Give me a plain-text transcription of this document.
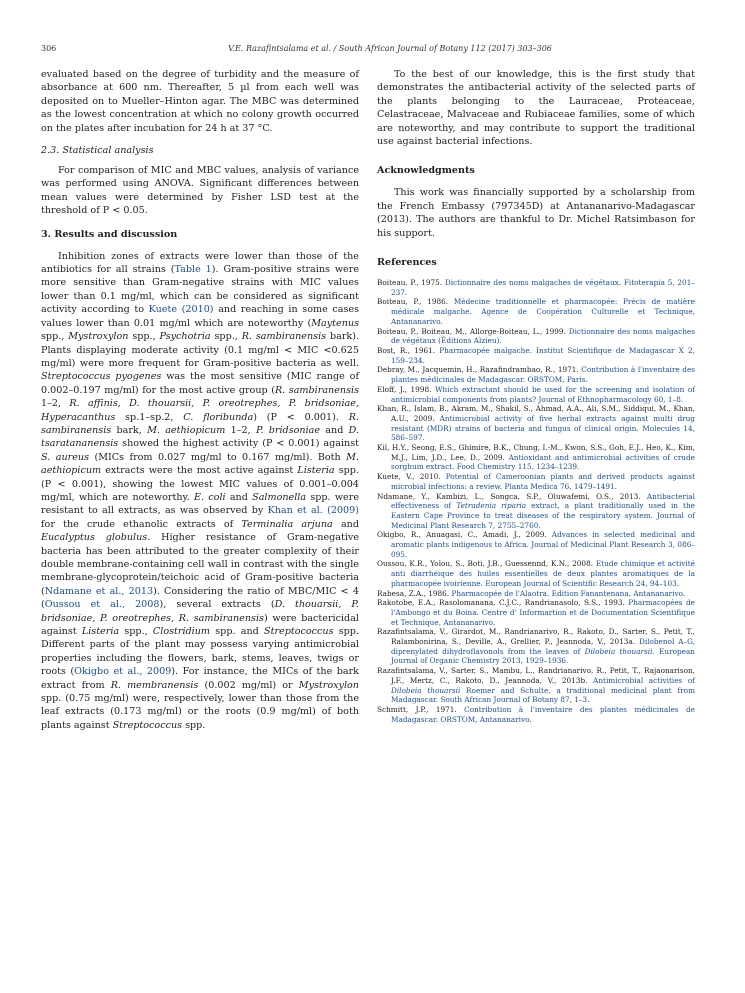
306	V.E. Razafintsalama et al. / South African Journal of Botany 112 (2017) 303–306

evaluated based on the degree of turbidity and the measure of absorbance at 600 nm. Thereafter, 5 µl from each well was deposited on to Mueller–Hinton agar. The MBC was determined as the lowest concentration at which no colony growth occurred on the plates after incubation for 24 h at 37 °C.

2.3. Statistical analysis

For comparison of MIC and MBC values, analysis of variance was performed using ANOVA. Significant differences between mean values were determined by Fisher LSD test at the threshold of P < 0.05.

3. Results and discussion

Inhibition zones of extracts were lower than those of the antibiotics for all strains (Table 1). Gram-positive strains were more sensitive than Gram-negative strains with MIC values lower than 0.1 mg/ml, which can be considered as significant activity according to Kuete (2010) and reaching in some cases values lower than 0.01 mg/ml which are noteworthy (Maytenus spp., Mystroxylon spp., Psychotria spp., R. sambiranensis bark). Plants displaying moderate activity (0.1 mg/ml < MIC <0.625 mg/ml) were more frequent for Gram-positive bacteria as well. Streptococcus pyogenes was the most sensitive (MIC range of 0.002–0.197 mg/ml) for the most active group (R. sambiranensis 1–2, R. affinis, D. thouarsii, P. oreotrephes, P. bridsoniae, Hyperacanthus sp.1–sp.2, C. floribunda) (P < 0.001). R. sambiranensis bark, M. aethiopicum 1–2, P. bridsoniae and D. tsaratananensis showed the highest activity (P < 0.001) against S. aureus (MICs from 0.027 mg/ml to 0.167 mg/ml). Both M. aethiopicum extracts were the most active against Listeria spp. (P < 0.001), showing the lowest MIC values of 0.001–0.004 mg/ml, which are noteworthy. E. coli and Salmonella spp. were resistant to all extracts, as was observed by Khan et al. (2009) for the crude ethanolic extracts of Terminalia arjuna and Eucalyptus globulus. Higher resistance of Gram-negative bacteria has been attributed to the greater complexity of their double membrane-containing cell wall in contrast with the single membrane-glycoprotein/teichoic acid of Gram-positive bacteria (Ndamane et al., 2013). Considering the ratio of MBC/MIC < 4 (Oussou et al., 2008), several extracts (D. thouarsii, P. bridsoniae, P. oreotrephes, R. sambiranensis) were bactericidal against Listeria spp., Clostridium spp. and Streptococcus spp. Different parts of the plant may possess varying antimicrobial properties including the flowers, bark, stems, leaves, twigs or roots (Okigbo et al., 2009). For instance, the MICs of the bark extract from R. membranensis (0.002 mg/ml) or Mystroxylon spp. (0.75 mg/ml) were, respectively, lower than those from the leaf extracts (0.173 mg/ml) or the roots (0.9 mg/ml) of both plants against Streptococcus spp.

To the best of our knowledge, this is the first study that demonstrates the antibacterial activity of the selected parts of the plants belonging to the Lauraceae, Proteaceae, Celastraceae, Malvaceae and Rubiaceae families, some of which are noteworthy, and may contribute to support the traditional use against bacterial infections.

Acknowledgments

This work was financially supported by a scholarship from the French Embassy (797345D) at Antananarivo-Madagascar (2013). The authors are thankful to Dr. Michel Ratsimbason for his support.

References
Boiteau, P., 1975. Dictionnaire des noms malgaches de végétaux. Fitoterapia 5, 201–237.
Boiteau, P., 1986. Médecine traditionnelle et pharmacopée: Précis de matière médicale malgache. Agence de Coopération Culturelle et Technique, Antananarivo.
Boiteau, P., Boiteau, M., Allorge-Boiteau, L., 1999. Dictionnaire des noms malgaches de végétaux (Éditions Alzieu).
Bost, R., 1961. Pharmacopée malgache. Institut Scientifique de Madagascar X 2, 159–234.
Debray, M., Jacquemin, H., Razafindrambao, R., 1971. Contribution à l'inventaire des plantes médicinales de Madagascar. ORSTOM, Paris.
Eloff, J., 1998. Which extractant should be used for the screening and isolation of antimicrobial components from plants? Journal of Ethnopharmacology 60, 1–8.
Khan, R., Islam, B., Akram, M., Shakil, S., Ahmad, A.A., Ali, S.M., Siddiqui, M., Khan, A.U., 2009. Antimicrobial activity of five herbal extracts against multi drug resistant (MDR) strains of bacteria and fungus of clinical origin. Molecules 14, 586–597.
Kil, H.Y., Seong, E.S., Ghimire, B.K., Chung, I.-M., Kwon, S.S., Goh, E.J., Heo, K., Kim, M.J., Lim, J.D., Lee, D., 2009. Antioxidant and antimicrobial activities of crude sorghum extract. Food Chemistry 115, 1234–1239.
Kuete, V., 2010. Potential of Cameroonian plants and derived products against microbial infections: a review. Planta Medica 76, 1479–1491.
Ndamane, Y., Kambizi, L., Songca, S.P., Oluwafemi, O.S., 2013. Antibacterial effectiveness of Tetradenia riparia extract, a plant traditionally used in the Eastern Cape Province to treat diseases of the respiratory system. Journal of Medicinal Plant Research 7, 2755–2760.
Okigbo, R., Anuagasi, C., Amadi, J., 2009. Advances in selected medicinal and aromatic plants indigenous to Africa. Journal of Medicinal Plant Research 3, 086–095.
Oussou, K.R., Yolou, S., Boti, J.B., Guessennd, K.N., 2008. Etude chimique et activité anti diarrhéique des huiles essentielles de deux plantes aromatiques de la pharmacopée ivoirienne. European Journal of Scientific Research 24, 94–103.
Rabesa, Z.A., 1986. Pharmacopée de l'Alaotra. Edition Fanantenana, Antananarivo.
Rakotobe, E.A., Rasolomanana, C.J.C., Randrianasolo, S.S., 1993. Pharmacopées de l'Ambongo et du Boina. Centre d' Informartion et de Documentation Scientifique et Technique, Antananarivo.
Razafintsalama, V., Girardot, M., Randrianarivo, R., Rakoto, D., Sarter, S., Petit, T., Ralambonirina, S., Deville, A., Grellier, P., Jeannoda, V., 2013a. Dilobenol A–G, diprenylated dihydroflavonols from the leaves of Dilobeia thouarsii. European Journal of Organic Chemistry 2013, 1929–1936.
Razafintsalama, V., Sarter, S., Mambu, L., Randrianarivo, R., Petit, T., Rajaonarison, J.F., Mertz, C., Rakoto, D., Jeannoda, V., 2013b. Antimicrobial activities of Dilobeia thouarsii Roemer and Schulte, a traditional medicinal plant from Madagascar. South African Journal of Botany 87, 1–3.
Schmitt, J.P., 1971. Contribution à l'inventaire des plantes médicinales de Madagascar. ORSTOM, Antananarivo.
